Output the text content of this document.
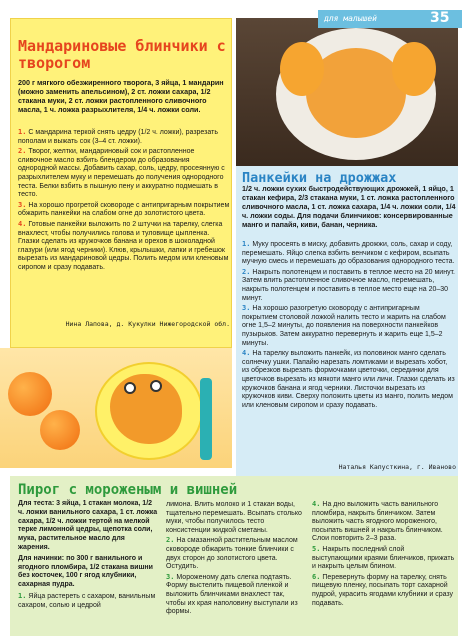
Мандариновые блинчики с творогом
200 г мягкого обезжиренного творога, 3 яйца, 1 мандарин (можно заменить апельсином), 2 ст. ложки сахара, 1/2 стакана муки, 2 ст. ложки растопленного сливочного масла, 1 ч. ложка разрыхлителя, 1/4 ч. ложки соли.

1. С мандарина теркой снять цедру (1/2 ч. ложки), разрезать пополам и выжать сок (3–4 ст. ложки).

2. Творог, желтки, мандариновый сок и растопленное сливочное масло взбить блендером до образования однородной массы. Добавить сахар, соль, цедру, просеянную с разрыхлителем муку и перемешать до получения однородного теста. Белки взбить в пышную пену и аккуратно подмешать в тесто.

3. На хорошо прогретой сковороде с антипригарным покрытием обжарить панкейки на слабом огне до золотистого цвета.

4. Готовые панкейки выложить по 2 штучки на тарелку, слегка внахлест, чтобы получились голова и туловище цыпленка. Глазки сделать из кружочков банана и орехов в шоколадной глазури (или ягод черники). Клюв, крылышки, лапки и гребешок вырезать из мандариновой цедры. Полить медом или кленовым сиропом и сразу подавать.

Нина Лапова, д. Кукулки Нижегородской обл.
для малышей	35
Панкейки на дрожжах
1/2 ч. ложки сухих быстродействующих дрожжей, 1 яйцо, 1 стакан кефира, 2/3 стакана муки, 1 ст. ложка растопленного сливочного масла, 1 ст. ложка сахара, 1/4 ч. ложки соли, 1/4 ч. ложки соды. Для подачи блинчиков: консервированные манго и папайя, киви, банан, черника.

1. Муку просеять в миску, добавить дрожжи, соль, сахар и соду, перемешать. Яйцо слегка взбить венчиком с кефиром, всыпать мучную смесь и перемешать до образования однородного теста.

2. Накрыть полотенцем и поставить в теплое место на 20 минут. Затем влить растопленное сливочное масло, перемешать, накрыть полотенцем и поставить в теплое место еще на 20–30 минут.

3. На хорошо разогретую сковороду с антипригарным покрытием столовой ложкой налить тесто и жарить на слабом огне 1,5–2 минуты, до появления на поверхности панкейков пузырьков. Затем аккуратно перевернуть и жарить еще 1,5–2 минуты.

4. На тарелку выложить панкейк, из половинок манго сделать солнечку ушки. Папайю нарезать ломтиками и вырезать хобот, из обрезков вырезать формочками цветочки, серединки для цветочков вырезать из мякоти манго или личи. Глазки сделать из кружочков банана и ягод черники. Листочки вырезать из кружочков киви. Сверху положить цветы из манго, полить медом или кленовым сиропом и сразу подавать.

Наталья Капусткина, г. Иваново
Пирог с мороженым и вишней

Для теста: 3 яйца, 1 стакан молока, 1/2 ч. ложки ванильного сахара, 1 ст. ложка сахара, 1/2 ч. ложки тертой на мелкой терке лимонной цедры, щепотка соли, мука, растительное масло для жарения.

Для начинки: по 300 г ванильного и ягодного пломбира, 1/2 стакана вишни без косточек, 100 г ягод клубники, сахарная пудра.

1. Яйца растереть с сахаром, ванильным сахаром, солью и цедрой

лимона. Влить молоко и 1 стакан воды, тщательно перемешать. Всыпать столько муки, чтобы получилось тесто консистенции жидкой сметаны.

2. На смазанной растительным маслом сковороде обжарить тонкие блинчики с двух сторон до золотистого цвета. Остудить.

3. Мороженому дать слегка подтаять. Форму выстелить пищевой пленкой и выложить блинчиками внахлест так, чтобы их края наполовину выступали из формы.

4. На дно выложить часть ванильного пломбира, накрыть блинчиком. Затем выложить часть ягодного мороженого, посыпать вишней и накрыть блинчиком. Слои повторить 2–3 раза.

5. Накрыть последний слой выступающими краями блинчиков, прижать и накрыть целым блином.

6. Перевернуть форму на тарелку, снять пищевую пленку, посыпать торт сахарной пудрой, украсить ягодами клубники и сразу подавать.
